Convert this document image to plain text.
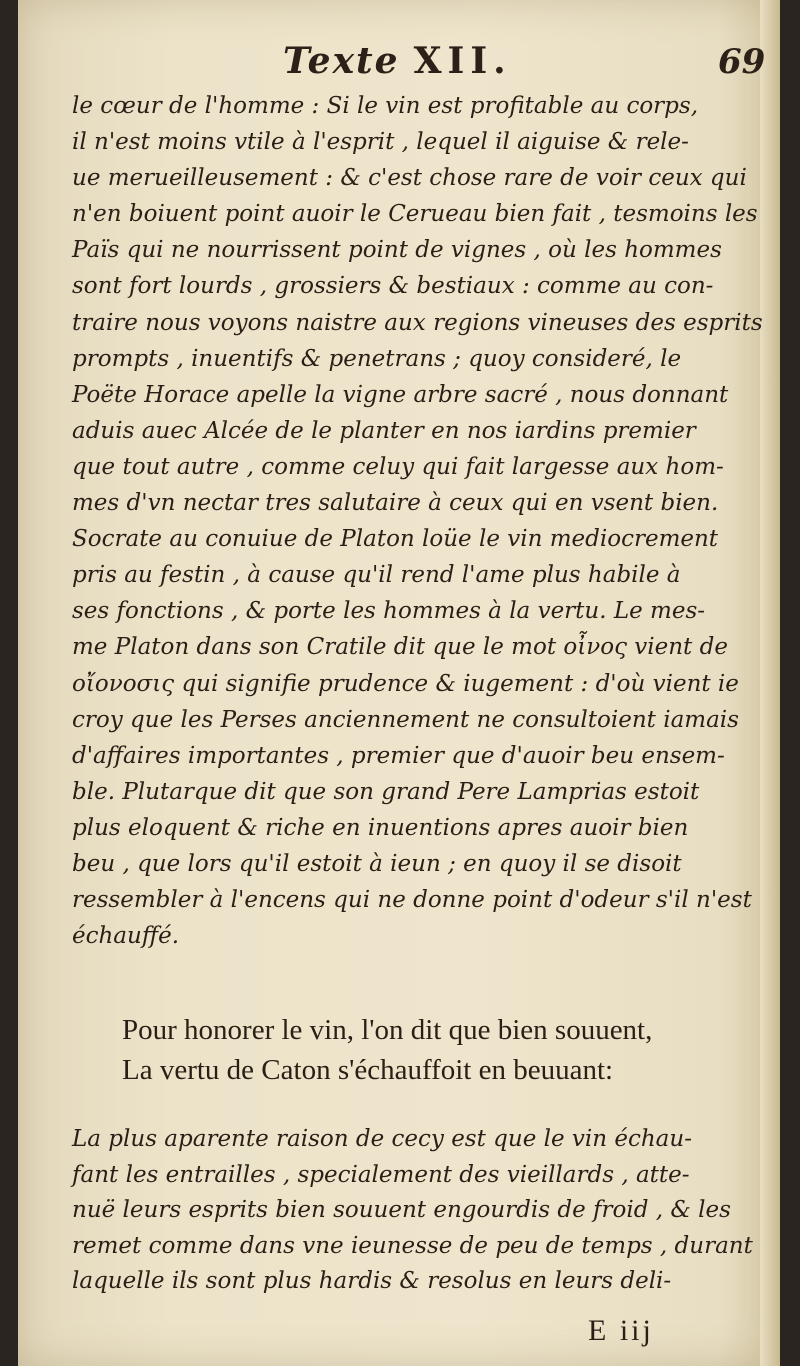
Texte XII.	69
le cœur de l'homme : Si le vin est profitable au corps,
il n'est moins vtile à l'esprit , lequel il aiguise & rele-
ue merueilleusement : & c'est chose rare de voir ceux qui
n'en boiuent point auoir le Cerueau bien fait , tesmoins les
Païs qui ne nourrissent point de vignes , où les hommes
sont fort lourds , grossiers & bestiaux : comme au con-
traire nous voyons naistre aux regions vineuses des esprits
prompts , inuentifs & penetrans ; quoy consideré, le
Poëte Horace apelle la vigne arbre sacré , nous donnant
aduis auec Alcée de le planter en nos iardins premier
que tout autre , comme celuy qui fait largesse aux hom-
mes d'vn nectar tres salutaire à ceux qui en vsent bien.
Socrate au conuiue de Platon loüe le vin mediocrement
pris au festin , à cause qu'il rend l'ame plus habile à
ses fonctions , & porte les hommes à la vertu. Le mes-
me Platon dans son Cratile dit que le mot οἶνος vient de
οἴονοσις qui signifie prudence & iugement : d'où vient ie
croy que les Perses anciennement ne consultoient iamais
d'affaires importantes , premier que d'auoir beu ensem-
ble. Plutarque dit que son grand Pere Lamprias estoit
plus eloquent & riche en inuentions apres auoir bien
beu , que lors qu'il estoit à ieun ; en quoy il se disoit
ressembler à l'encens qui ne donne point d'odeur s'il n'est
échauffé.
Pour honorer le vin, l'on dit que bien souuent,
La vertu de Caton s'échauffoit en beuuant:
La plus aparente raison de cecy est que le vin échau-
fant les entrailles , specialement des vieillards , atte-
nuë leurs esprits bien souuent engourdis de froid , & les
remet comme dans vne ieunesse de peu de temps , durant
laquelle ils sont plus hardis & resolus en leurs deli-
E iij
